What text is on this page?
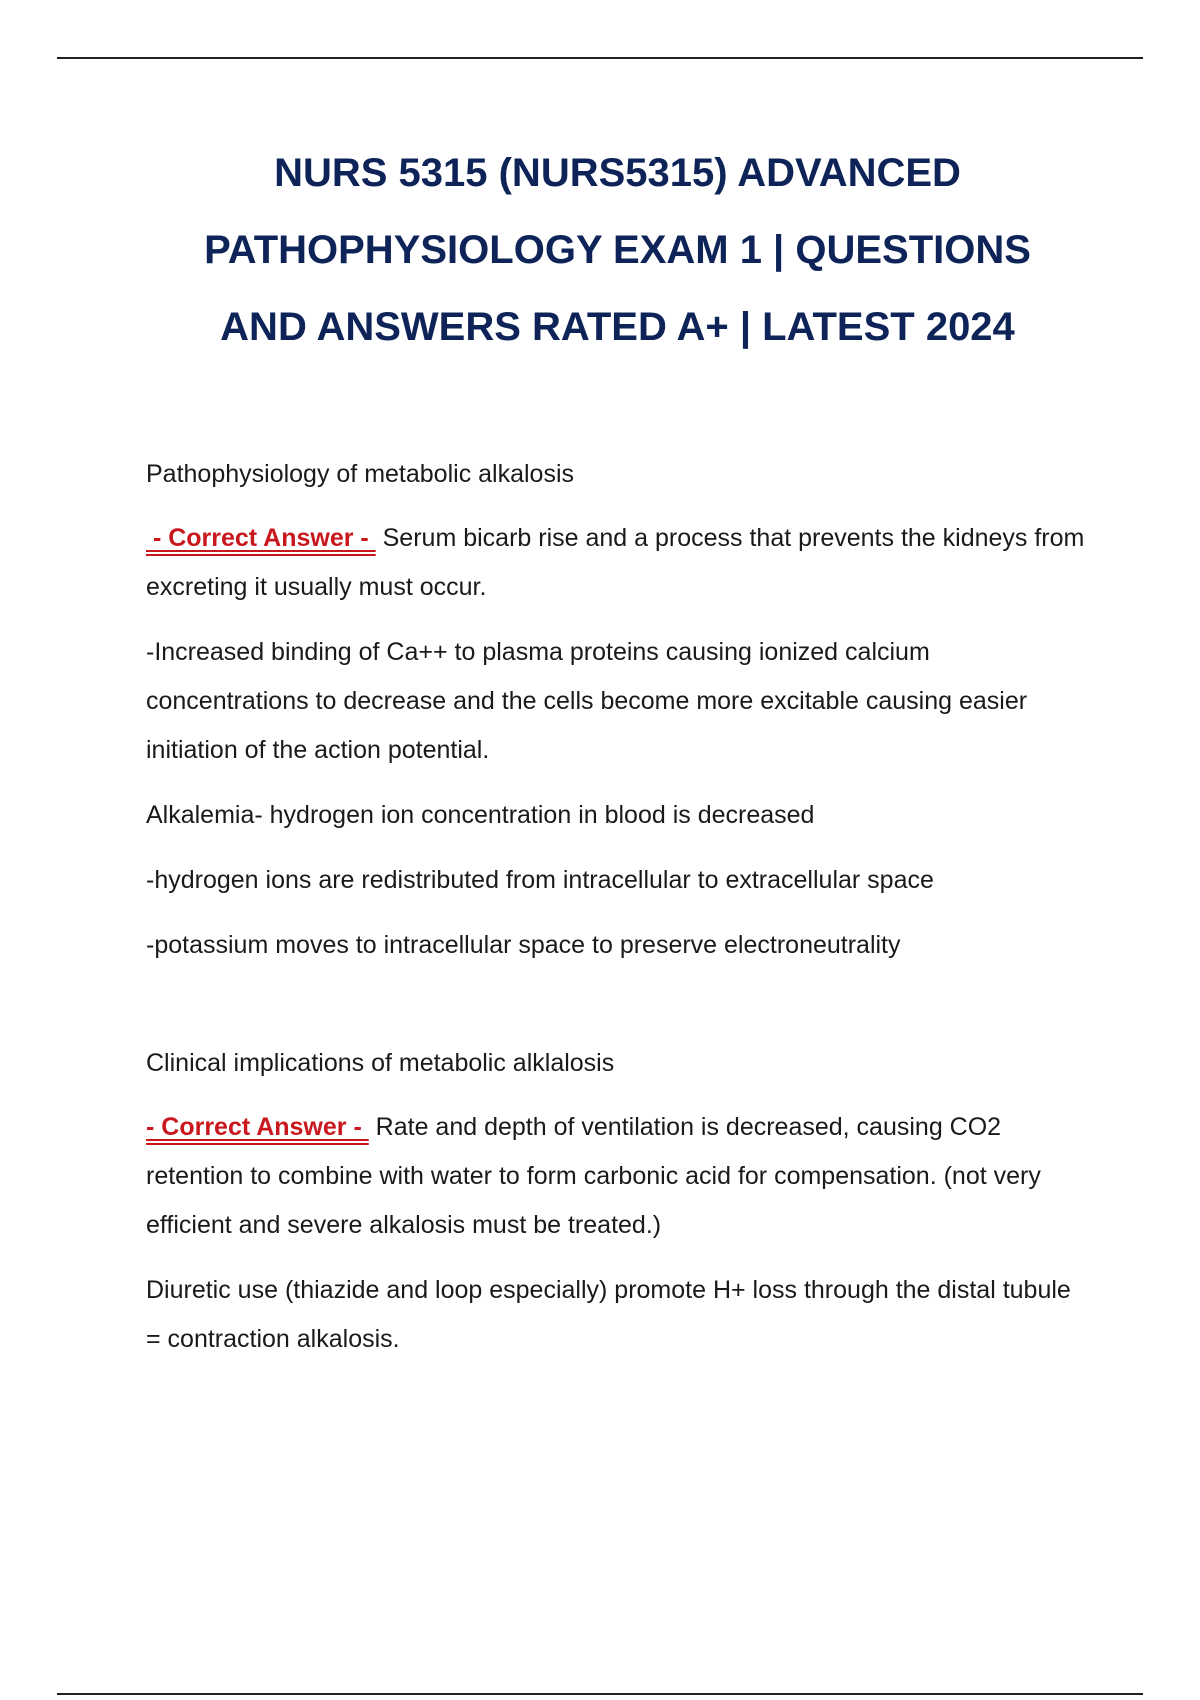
NURS 5315 (NURS5315) ADVANCED
PATHOPHYSIOLOGY EXAM 1 | QUESTIONS
AND ANSWERS RATED A+ | LATEST 2024

Pathophysiology of metabolic alkalosis

- Correct Answer -  Serum bicarb rise and a process that prevents the kidneys from excreting it usually must occur.

-Increased binding of Ca++ to plasma proteins causing ionized calcium concentrations to decrease and the cells become more excitable causing easier initiation of the action potential.

Alkalemia- hydrogen ion concentration in blood is decreased

-hydrogen ions are redistributed from intracellular to extracellular space

-potassium moves to intracellular space to preserve electroneutrality

Clinical implications of metabolic alklalosis

- Correct Answer -  Rate and depth of ventilation is decreased, causing CO2 retention to combine with water to form carbonic acid for compensation. (not very efficient and severe alkalosis must be treated.)

Diuretic use (thiazide and loop especially) promote H+ loss through the distal tubule = contraction alkalosis.
